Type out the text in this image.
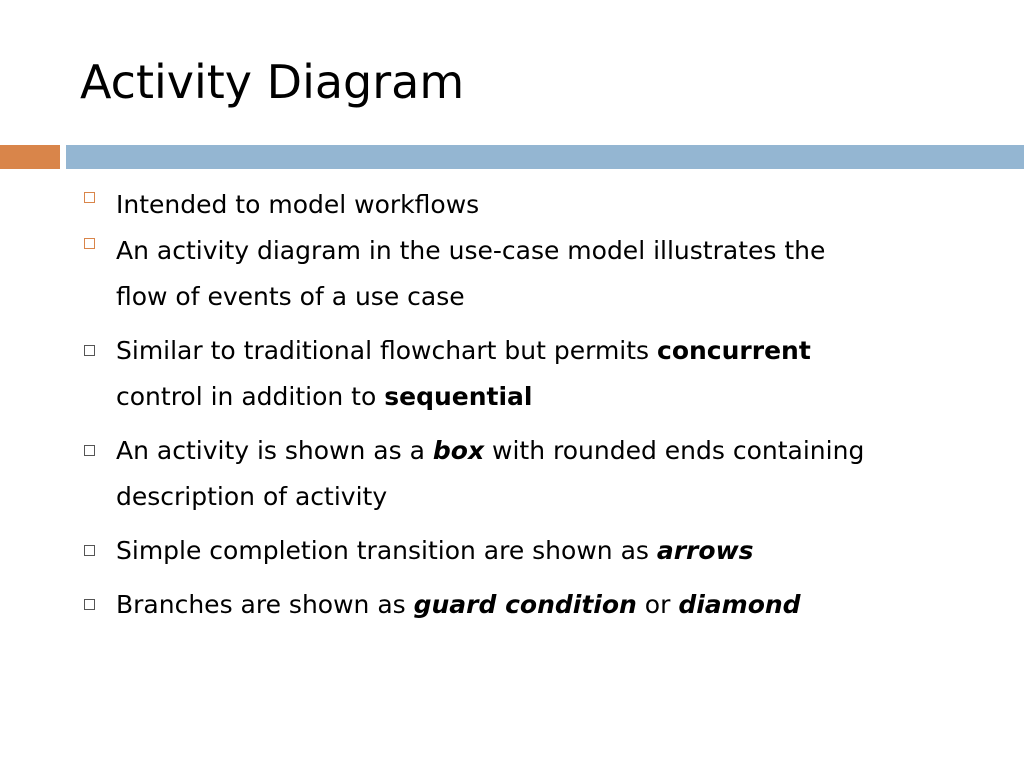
Activity Diagram
Intended to model workflows
An activity diagram in the use-case model illustrates the
flow of events of a use case
Similar to traditional flowchart but permits concurrent
control in addition to sequential
An activity is shown as a box with rounded ends containing
description of activity
Simple completion transition are shown as arrows
Branches are shown as guard condition or diamond
